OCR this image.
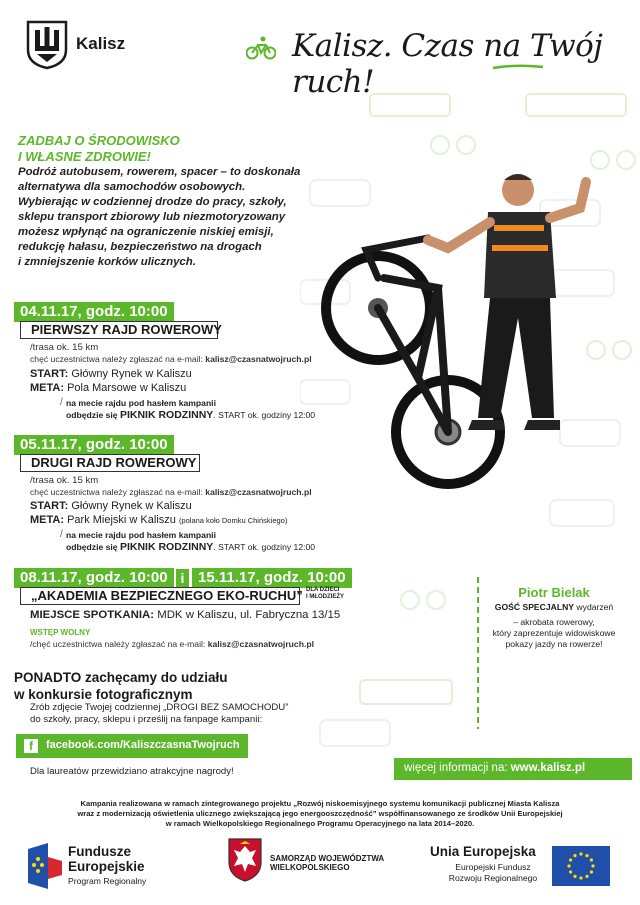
Kalisz	Kalisz. Czas na Twój ruch!
ZADBAJ O ŚRODOWISKO
I WŁASNE ZDROWIE!
Podróż autobusem, rowerem, spacer – to doskonała
alternatywa dla samochodów osobowych.
Wybierając w codziennej drodze do pracy, szkoły,
sklepu transport zbiorowy lub niezmotoryzowany
możesz wpłynąć na ograniczenie niskiej emisji,
redukcję hałasu, bezpieczeństwo na drogach
i zmniejszenie korków ulicznych.
04.11.17, godz. 10:00
PIERWSZY RAJD ROWEROWY
/trasa ok. 15 km
chęć uczestnictwa należy zgłaszać na e-mail: kalisz@czasnatwojruch.pl
START: Główny Rynek w Kaliszu
META: Pola Marsowe w Kaliszu
/ na mecie rajdu pod hasłem kampanii
odbędzie się PIKNIK RODZINNY. START ok. godziny 12:00
05.11.17, godz. 10:00
DRUGI RAJD ROWEROWY
/trasa ok. 15 km
chęć uczestnictwa należy zgłaszać na e-mail: kalisz@czasnatwojruch.pl
START: Główny Rynek w Kaliszu
META: Park Miejski w Kaliszu (polana koło Domku Chińskiego)
/ na mecie rajdu pod hasłem kampanii
odbędzie się PIKNIK RODZINNY. START ok. godziny 12:00
08.11.17, godz. 10:00 i 15.11.17, godz. 10:00
„AKADEMIA BEZPIECZNEGO EKO-RUCHU” DLA DZIECI
I MŁODZIEŻY
MIEJSCE SPOTKANIA: MDK w Kaliszu, ul. Fabryczna 13/15
WSTĘP WOLNY
/chęć uczestnictwa należy zgłaszać na e-mail: kalisz@czasnatwojruch.pl
Piotr Bielak
GOŚĆ SPECJALNY wydarzeń
– akrobata rowerowy,
który zaprezentuje widowiskowe
pokazy jazdy na rowerze!
PONADTO zachęcamy do udziału
w konkursie fotograficznym
Zrób zdjęcie Twojej codziennej „DROGI BEZ SAMOCHODU”
do szkoły, pracy, sklepu i prześlij na fanpage kampanii:
f	facebook.com/KaliszczasnaTwojruch
Dla laureatów przewidziano atrakcyjne nagrody!	więcej informacji na: www.kalisz.pl
Kampania realizowana w ramach zintegrowanego projektu „Rozwój niskoemisyjnego systemu komunikacji publicznej Miasta Kalisza
wraz z modernizacją oświetlenia ulicznego zwiększającą jego energooszczędność” współfinansowanego ze środków Unii Europejskiej
w ramach Wielkopolskiego Regionalnego Programu Operacyjnego na lata 2014–2020.
Fundusze
Europejskie
Program Regionalny
SAMORZĄD WOJEWÓDZTWA
WIELKOPOLSKIEGO
Unia Europejska
Europejski Fundusz
Rozwoju Regionalnego
